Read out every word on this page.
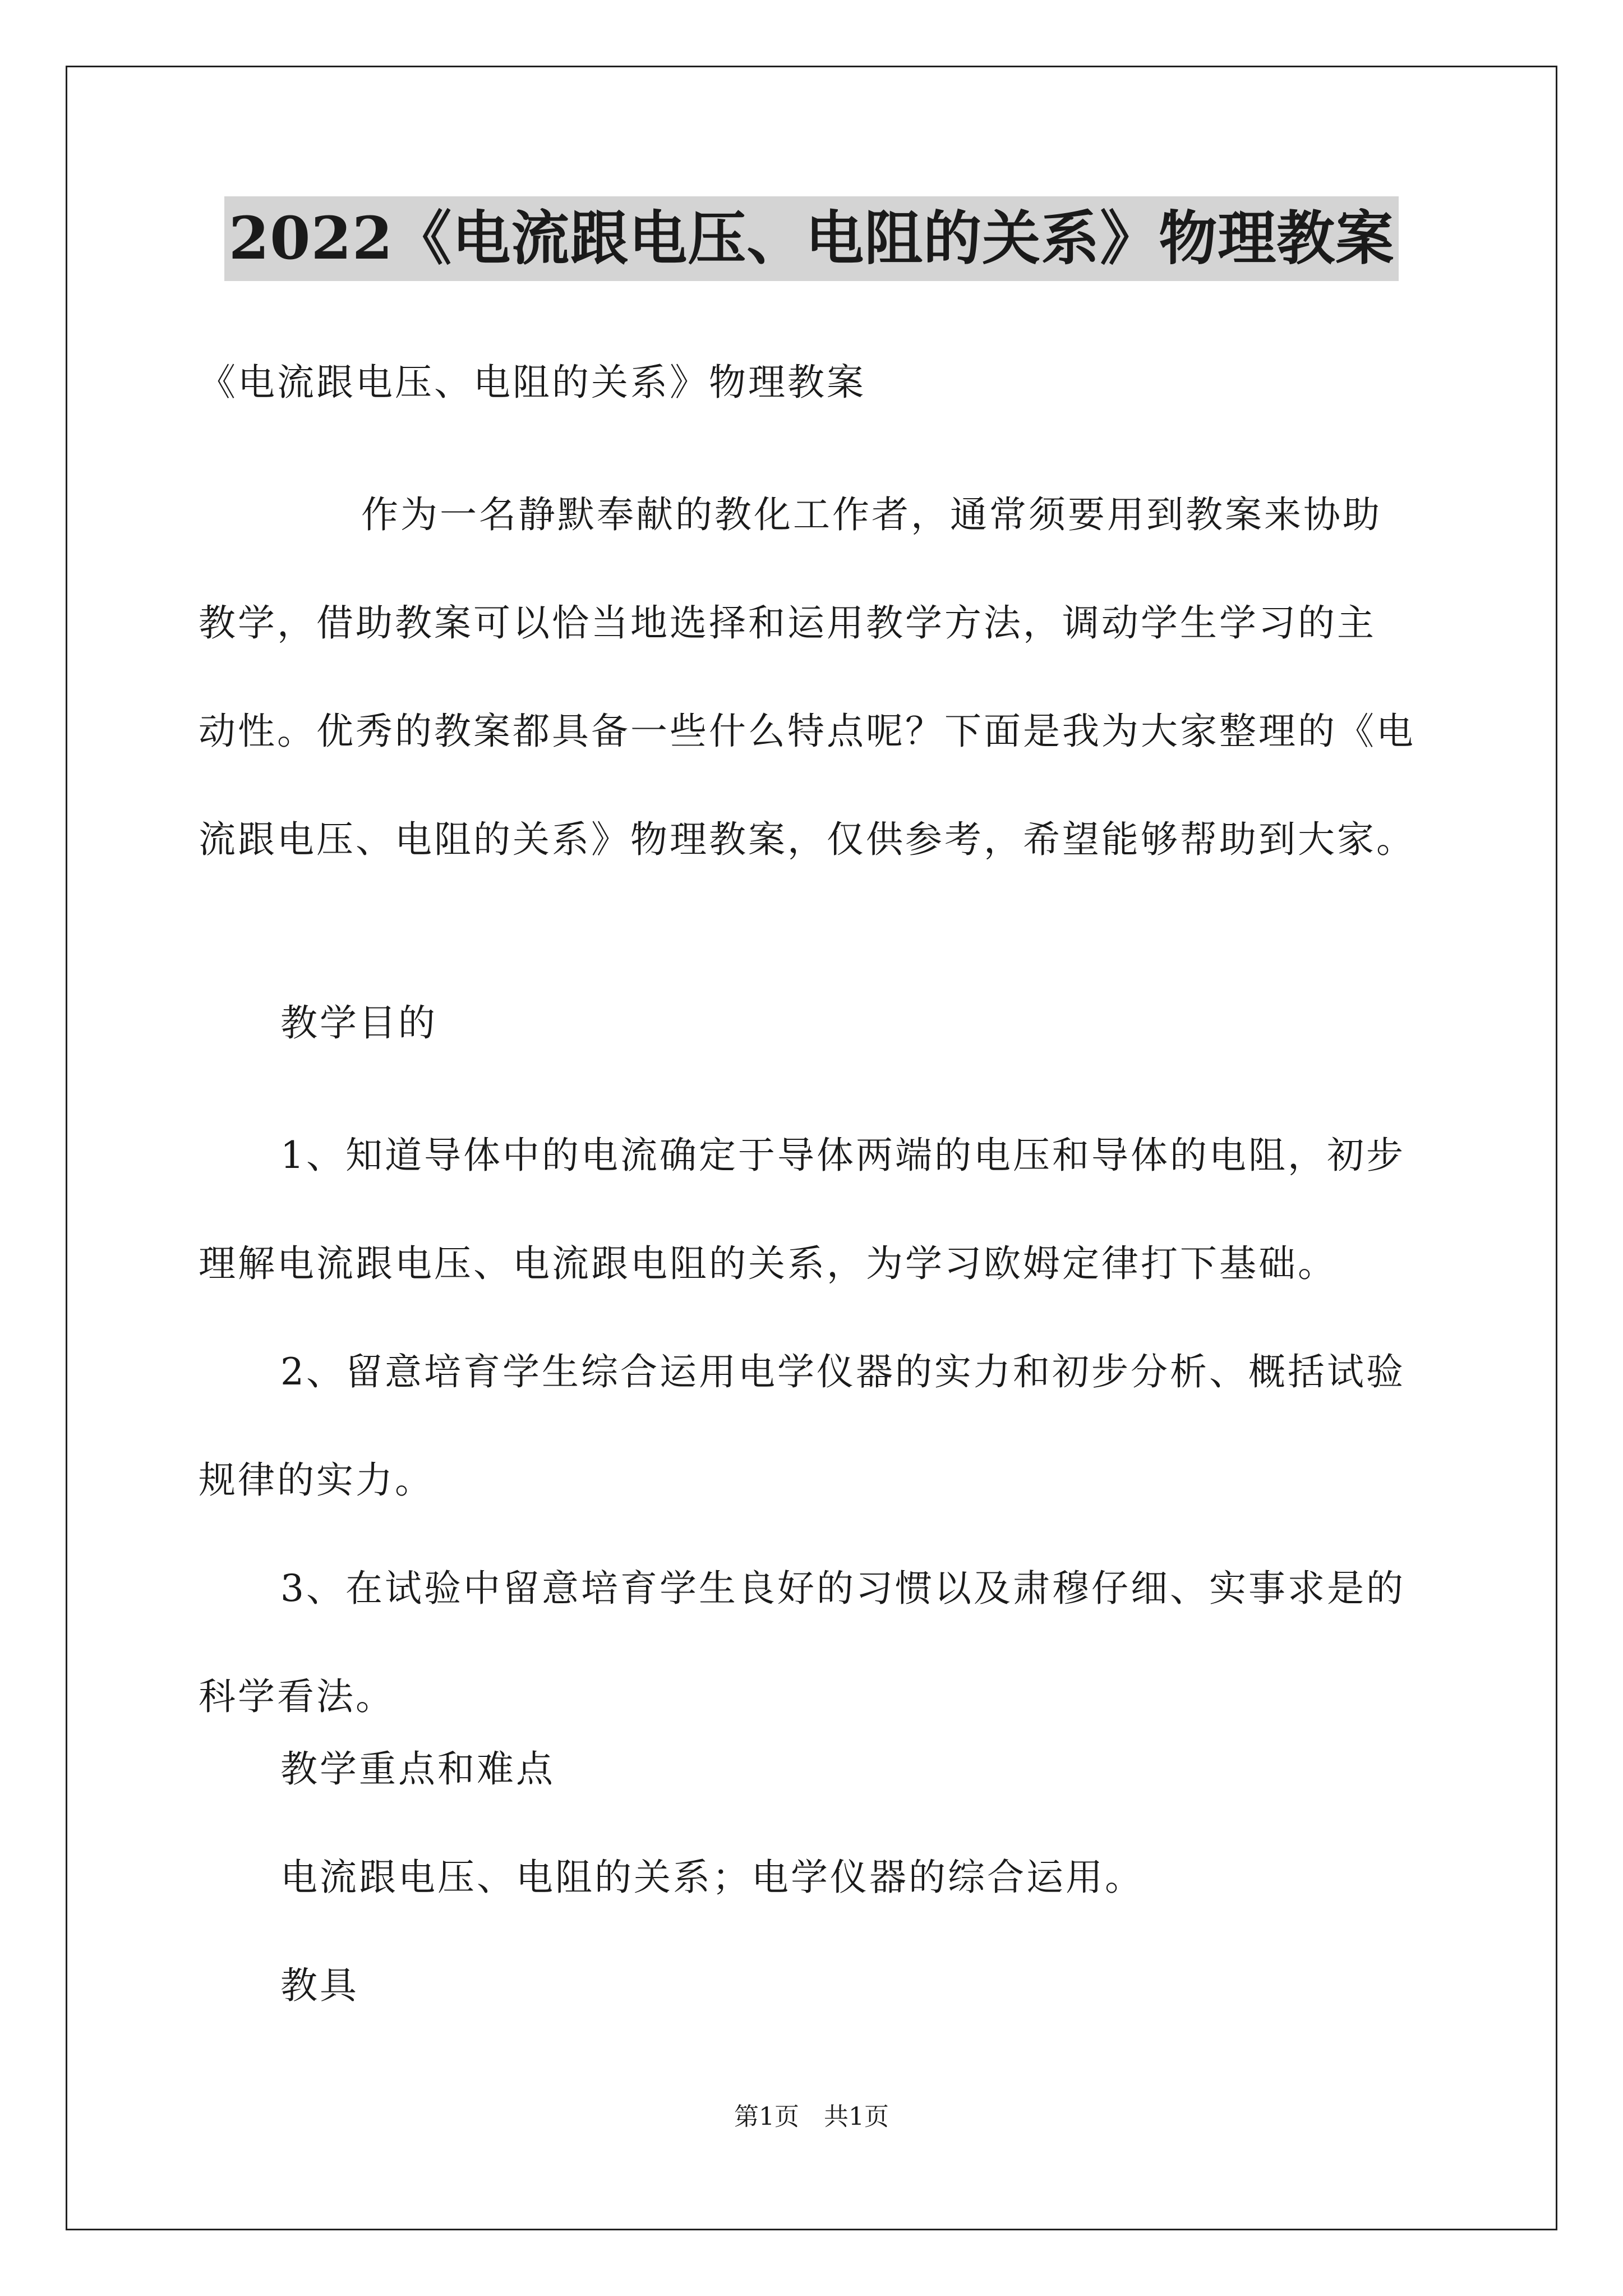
2022《电流跟电压、电阻的关系》物理教案

《电流跟电压、电阻的关系》物理教案

作为一名静默奉献的教化工作者，通常须要用到教案来协助
教学，借助教案可以恰当地选择和运用教学方法，调动学生学习的主
动性。优秀的教案都具备一些什么特点呢？下面是我为大家整理的《电
流跟电压、电阻的关系》物理教案，仅供参考，希望能够帮助到大家。

教学目的

1、知道导体中的电流确定于导体两端的电压和导体的电阻，初步
理解电流跟电压、电流跟电阻的关系，为学习欧姆定律打下基础。
2、留意培育学生综合运用电学仪器的实力和初步分析、概括试验
规律的实力。
3、在试验中留意培育学生良好的习惯以及肃穆仔细、实事求是的
科学看法。

教学重点和难点

电流跟电压、电阻的关系；电学仪器的综合运用。

教具

第1页　共1页
